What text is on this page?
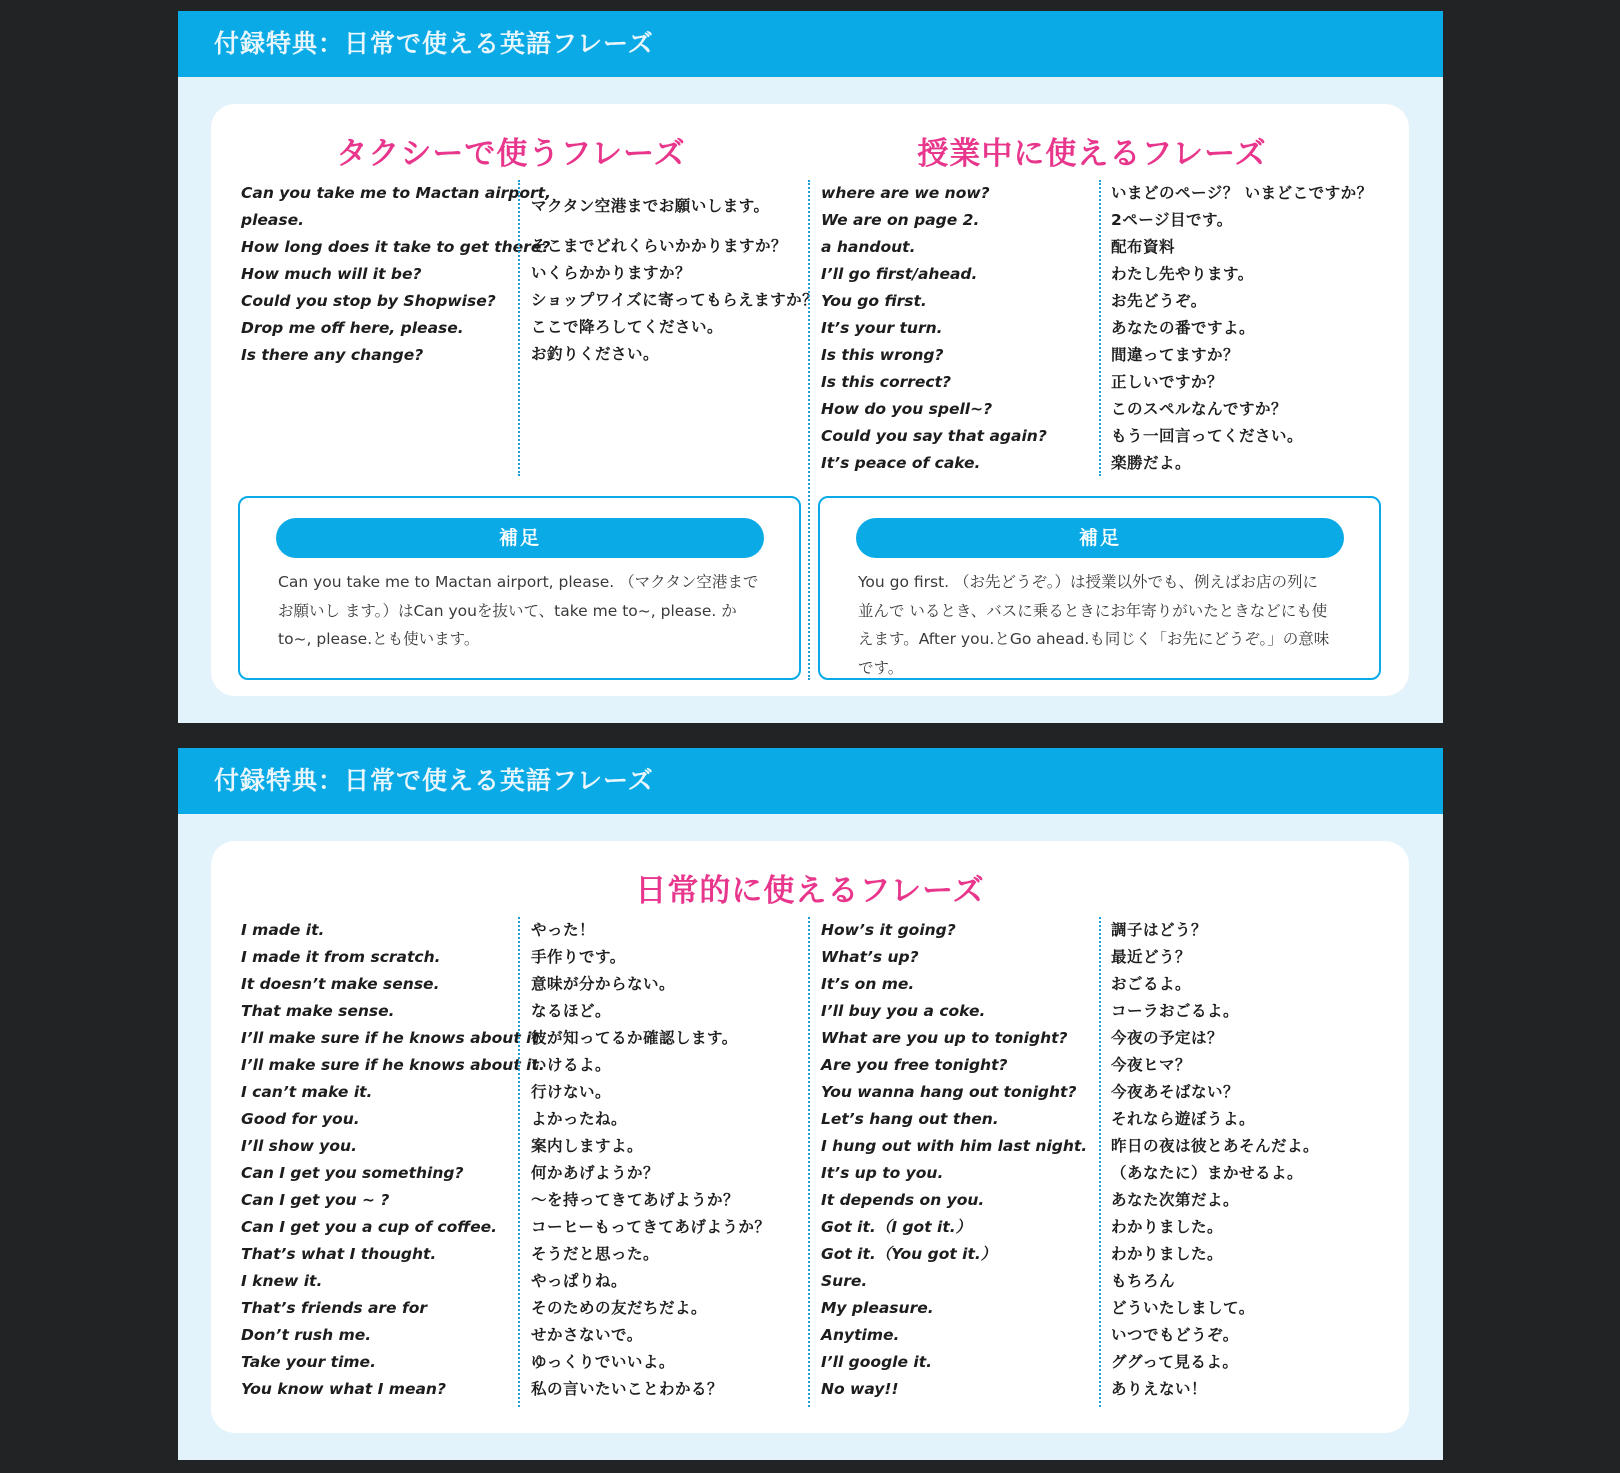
付録特典：日常で使える英語フレーズ
タクシーで使うフレーズ	授業中に使えるフレーズ
Can you take me to Mactan airport,
please.
How long does it take to get there?
How much will it be?
Could you stop by Shopwise?
Drop me off here, please.
Is there any change?
マクタン空港までお願いします。
そこまでどれくらいかかりますか？
いくらかかりますか？
ショップワイズに寄ってもらえますか？
ここで降ろしてください。
お釣りください。
where are we now?
We are on page 2.
a handout.
I’ll go first/ahead.
You go first.
It’s your turn.
Is this wrong?
Is this correct?
How do you spell~?
Could you say that again?
It’s peace of cake.
いまどのページ？ いまどこですか？
2ページ目です。
配布資料
わたし先やります。
お先どうぞ。
あなたの番ですよ。
間違ってますか？
正しいですか？
このスペルなんですか？
もう一回言ってください。
楽勝だよ。
補足
Can you take me to Mactan airport, please. （マクタン空港まで
お願いし ます。）はCan youを抜いて、take me to~, please. か
to~, please.とも使います。
補足
You go first. （お先どうぞ。）は授業以外でも、例えばお店の列に
並んで いるとき、バスに乗るときにお年寄りがいたときなどにも使
えます。After you.とGo ahead.も同じく「お先にどうぞ。」の意味
です。
付録特典：日常で使える英語フレーズ
日常的に使えるフレーズ
I made it.
I made it from scratch.
It doesn’t make sense.
That make sense.
I’ll make sure if he knows about it.
I’ll make sure if he knows about it.
I can’t make it.
Good for you.
I’ll show you.
Can I get you something?
Can I get you ~ ?
Can I get you a cup of coffee.
That’s what I thought.
I knew it.
That’s friends are for
Don’t rush me.
Take your time.
You know what I mean?
やった！
手作りです。
意味が分からない。
なるほど。
彼が知ってるか確認します。
いけるよ。
行けない。
よかったね。
案内しますよ。
何かあげようか？
～を持ってきてあげようか？
コーヒーもってきてあげようか？
そうだと思った。
やっぱりね。
そのための友だちだよ。
せかさないで。
ゆっくりでいいよ。
私の言いたいことわかる？
How’s it going?
What’s up?
It’s on me.
I’ll buy you a coke.
What are you up to tonight?
Are you free tonight?
You wanna hang out tonight?
Let’s hang out then.
I hung out with him last night.
It’s up to you.
It depends on you.
Got it.（I got it.）
Got it.（You got it.）
Sure.
My pleasure.
Anytime.
I’ll google it.
No way!!
調子はどう？
最近どう？
おごるよ。
コーラおごるよ。
今夜の予定は？
今夜ヒマ？
今夜あそばない？
それなら遊ぼうよ。
昨日の夜は彼とあそんだよ。
（あなたに）まかせるよ。
あなた次第だよ。
わかりました。
わかりました。
もちろん
どういたしまして。
いつでもどうぞ。
ググって見るよ。
ありえない！
